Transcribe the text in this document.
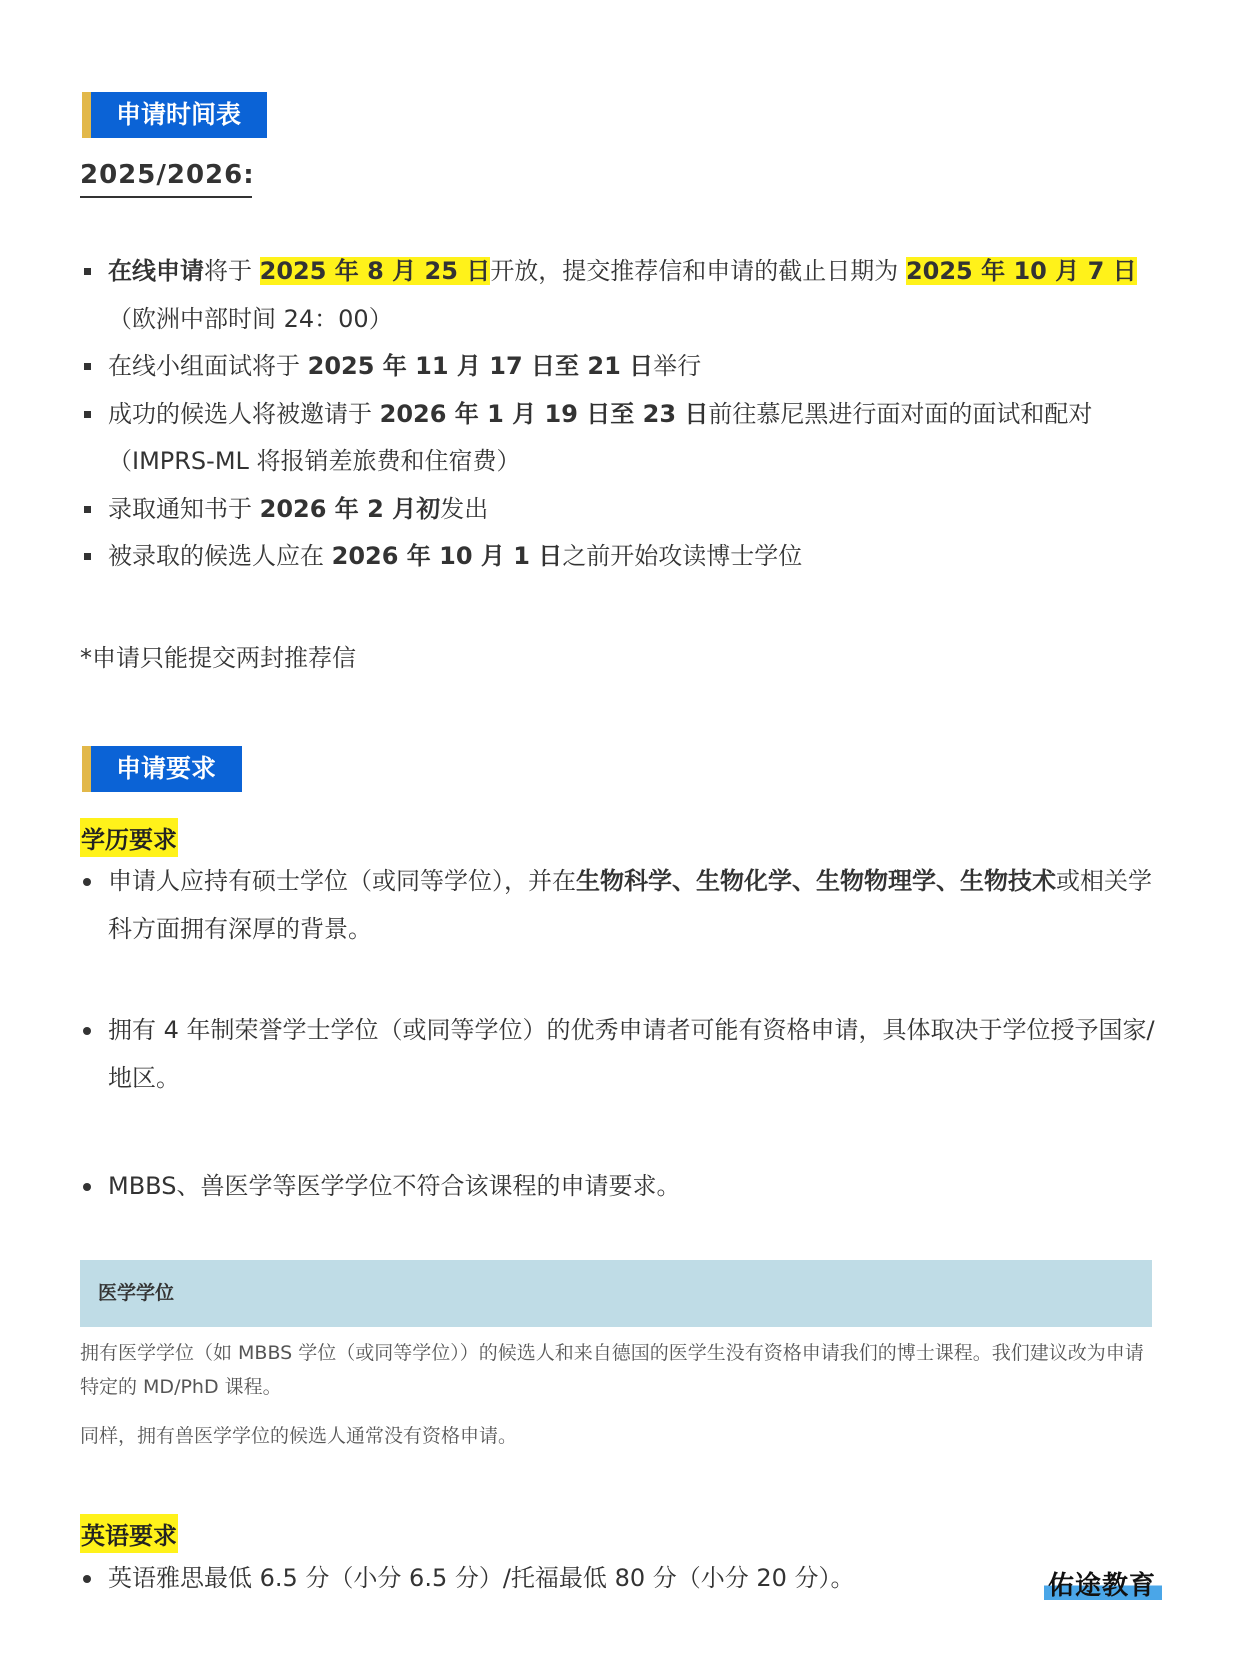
申请时间表
2025/2026:
在线申请将于 2025 年 8 月 25 日开放，提交推荐信和申请的截止日期为 2025 年 10 月 7 日（欧洲中部时间 24：00）
在线小组面试将于 2025 年 11 月 17 日至 21 日举行
成功的候选人将被邀请于 2026 年 1 月 19 日至 23 日前往慕尼黑进行面对面的面试和配对（IMPRS-ML 将报销差旅费和住宿费）
录取通知书于 2026 年 2 月初发出
被录取的候选人应在 2026 年 10 月 1 日之前开始攻读博士学位
*申请只能提交两封推荐信
申请要求
学历要求
申请人应持有硕士学位（或同等学位），并在生物科学、生物化学、生物物理学、生物技术或相关学科方面拥有深厚的背景。
拥有 4 年制荣誉学士学位（或同等学位）的优秀申请者可能有资格申请，具体取决于学位授予国家/地区。
MBBS、兽医学等医学学位不符合该课程的申请要求。
医学学位
拥有医学学位（如 MBBS 学位（或同等学位））的候选人和来自德国的医学生没有资格申请我们的博士课程。我们建议改为申请特定的 MD/PhD 课程。
同样，拥有兽医学学位的候选人通常没有资格申请。
英语要求
英语雅思最低 6.5 分（小分 6.5 分）/托福最低 80 分（小分 20 分）。	佑途教育
